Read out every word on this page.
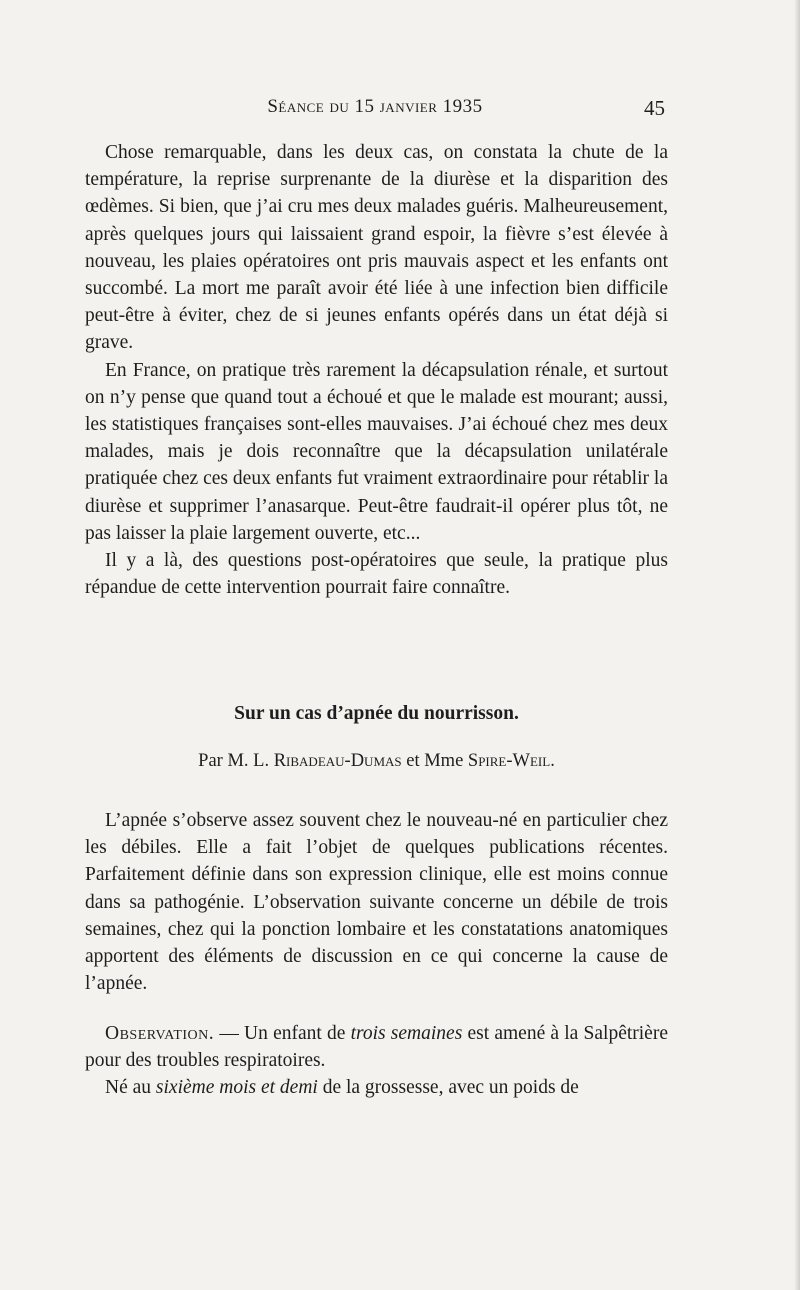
Séance du 15 janvier 1935	45

Chose remarquable, dans les deux cas, on constata la chute de la température, la reprise surprenante de la diurèse et la disparition des œdèmes. Si bien, que j’ai cru mes deux malades guéris. Malheureusement, après quelques jours qui laissaient grand espoir, la fièvre s’est élevée à nouveau, les plaies opératoires ont pris mauvais aspect et les enfants ont succombé. La mort me paraît avoir été liée à une infection bien difficile peut-être à éviter, chez de si jeunes enfants opérés dans un état déjà si grave.

En France, on pratique très rarement la décapsulation rénale, et surtout on n’y pense que quand tout a échoué et que le malade est mourant; aussi, les statistiques françaises sont-elles mauvaises. J’ai échoué chez mes deux malades, mais je dois reconnaître que la décapsulation unilatérale pratiquée chez ces deux enfants fut vraiment extraordinaire pour rétablir la diurèse et supprimer l’anasarque. Peut-être faudrait-il opérer plus tôt, ne pas laisser la plaie largement ouverte, etc...

Il y a là, des questions post-opératoires que seule, la pratique plus répandue de cette intervention pourrait faire connaître.

Sur un cas d’apnée du nourrisson.
Par M. L. Ribadeau-Dumas et Mme Spire-Weil.

L’apnée s’observe assez souvent chez le nouveau-né en particulier chez les débiles. Elle a fait l’objet de quelques publications récentes. Parfaitement définie dans son expression clinique, elle est moins connue dans sa pathogénie. L’observation suivante concerne un débile de trois semaines, chez qui la ponction lombaire et les constatations anatomiques apportent des éléments de discussion en ce qui concerne la cause de l’apnée.

Observation. — Un enfant de trois semaines est amené à la Salpêtrière pour des troubles respiratoires.

Né au sixième mois et demi de la grossesse, avec un poids de
